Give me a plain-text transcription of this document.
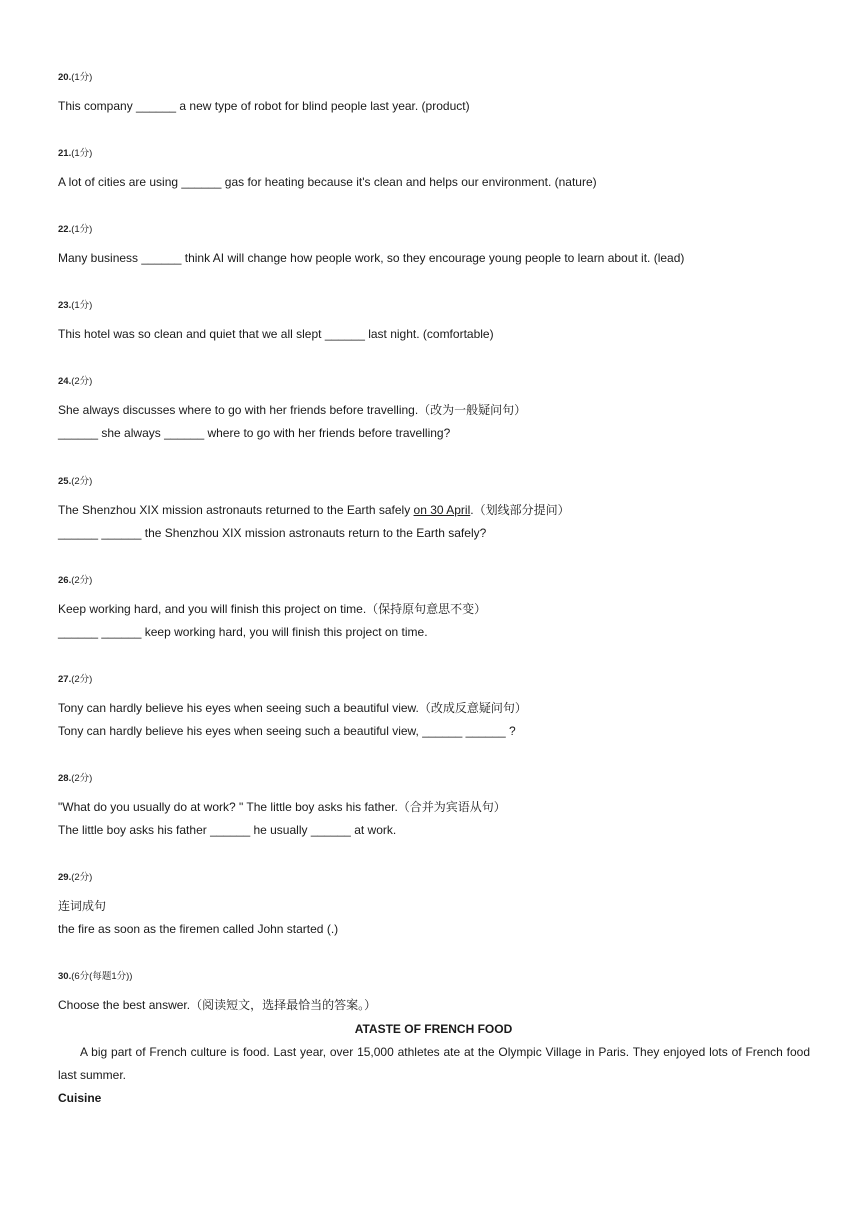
20.(1分)
This company ______ a new type of robot for blind people last year. (product)
21.(1分)
A lot of cities are using ______ gas for heating because it's clean and helps our environment. (nature)
22.(1分)
Many business ______ think AI will change how people work, so they encourage young people to learn about it. (lead)
23.(1分)
This hotel was so clean and quiet that we all slept ______ last night. (comfortable)
24.(2分)
She always discusses where to go with her friends before travelling.（改为一般疑问句）
______ she always ______ where to go with her friends before travelling?
25.(2分)
The Shenzhou XIX mission astronauts returned to the Earth safely on 30 April.（划线部分提问）
______ ______ the Shenzhou XIX mission astronauts return to the Earth safely?
26.(2分)
Keep working hard, and you will finish this project on time.（保持原句意思不变）
______ ______ keep working hard, you will finish this project on time.
27.(2分)
Tony can hardly believe his eyes when seeing such a beautiful view.（改成反意疑问句）
Tony can hardly believe his eyes when seeing such a beautiful view, ______ ______ ?
28.(2分)
"What do you usually do at work? " The little boy asks his father.（合并为宾语从句）
The little boy asks his father ______ he usually ______ at work.
29.(2分)
连词成句
the fire as soon as the firemen called John started (.)
30.(6分(每题1分))
Choose the best answer.（阅读短文，选择最恰当的答案。）
ATASTE OF FRENCH FOOD
A big part of French culture is food. Last year, over 15,000 athletes ate at the Olympic Village in Paris. They enjoyed lots of French food last summer.
Cuisine
